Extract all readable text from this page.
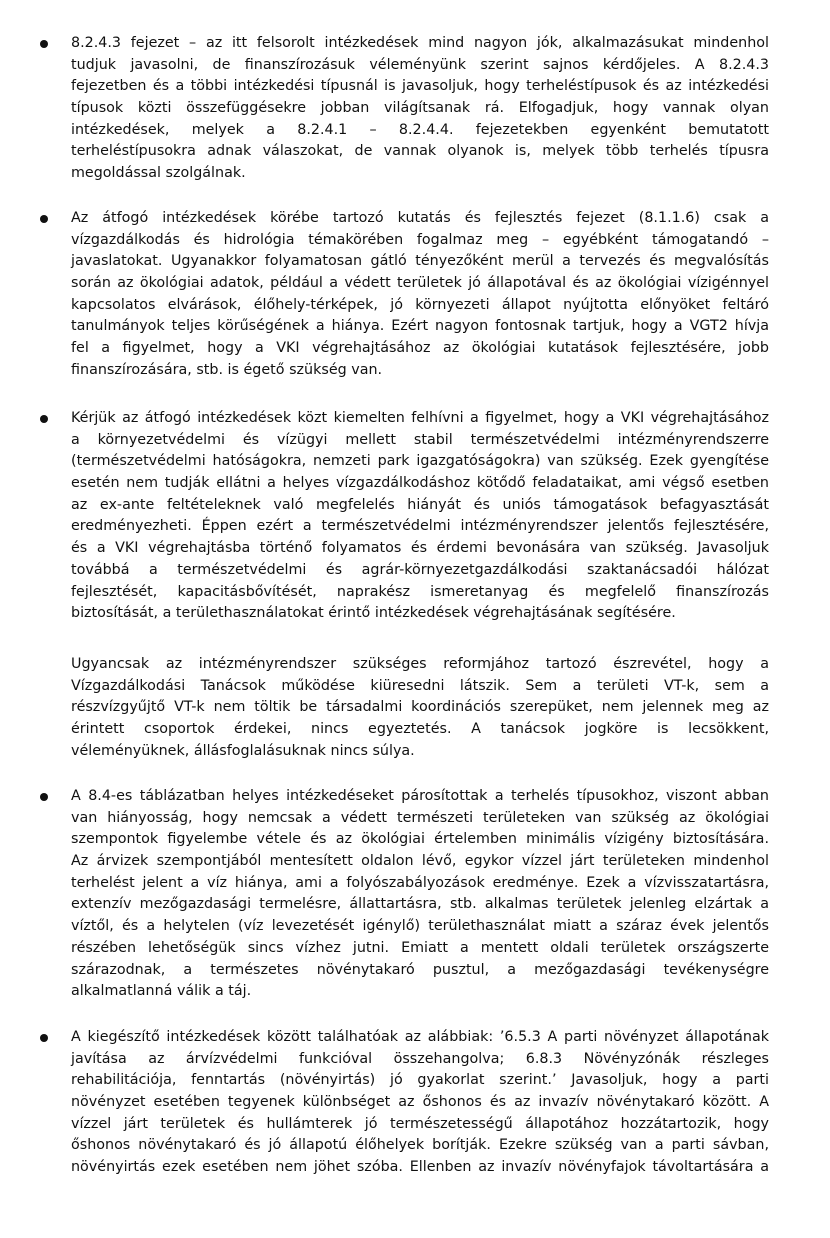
8.2.4.3 fejezet – az itt felsorolt intézkedések mind nagyon jók, alkalmazásukat mindenhol
tudjuk javasolni, de finanszírozásuk véleményünk szerint sajnos kérdőjeles. A 8.2.4.3
fejezetben és a többi intézkedési típusnál is javasoljuk, hogy terheléstípusok és az intézkedési
típusok közti összefüggésekre jobban világítsanak rá. Elfogadjuk, hogy vannak olyan
intézkedések, melyek a 8.2.4.1 – 8.2.4.4. fejezetekben egyenként bemutatott
terheléstípusokra adnak válaszokat, de vannak olyanok is, melyek több terhelés típusra
megoldással szolgálnak.
Az átfogó intézkedések körébe tartozó kutatás és fejlesztés fejezet (8.1.1.6) csak a
vízgazdálkodás és hidrológia témakörében fogalmaz meg – egyébként támogatandó –
javaslatokat. Ugyanakkor folyamatosan gátló tényezőként merül a tervezés és megvalósítás
során az ökológiai adatok, például a védett területek jó állapotával és az ökológiai vízigénnyel
kapcsolatos elvárások, élőhely-térképek, jó környezeti állapot nyújtotta előnyöket feltáró
tanulmányok teljes körűségének a hiánya. Ezért nagyon fontosnak tartjuk, hogy a VGT2 hívja
fel a figyelmet, hogy a VKI végrehajtásához az ökológiai kutatások fejlesztésére, jobb
finanszírozására, stb. is égető szükség van.
Kérjük az átfogó intézkedések közt kiemelten felhívni a figyelmet, hogy a VKI végrehajtásához
a környezetvédelmi és vízügyi mellett stabil természetvédelmi intézményrendszerre
(természetvédelmi hatóságokra, nemzeti park igazgatóságokra) van szükség. Ezek gyengítése
esetén nem tudják ellátni a helyes vízgazdálkodáshoz kötődő feladataikat, ami végső esetben
az ex-ante feltételeknek való megfelelés hiányát és uniós támogatások befagyasztását
eredményezheti. Éppen ezért a természetvédelmi intézményrendszer jelentős fejlesztésére,
és a VKI végrehajtásba történő folyamatos és érdemi bevonására van szükség. Javasoljuk
továbbá a természetvédelmi és agrár-környezetgazdálkodási szaktanácsadói hálózat
fejlesztését, kapacitásbővítését, naprakész ismeretanyag és megfelelő finanszírozás
biztosítását, a területhasználatokat érintő intézkedések végrehajtásának segítésére.
Ugyancsak az intézményrendszer szükséges reformjához tartozó észrevétel, hogy a
Vízgazdálkodási Tanácsok működése kiüresedni látszik. Sem a területi VT-k, sem a
részvízgyűjtő VT-k nem töltik be társadalmi koordinációs szerepüket, nem jelennek meg az
érintett csoportok érdekei, nincs egyeztetés. A tanácsok jogköre is lecsökkent,
véleményüknek, állásfoglalásuknak nincs súlya.
A 8.4-es táblázatban helyes intézkedéseket párosítottak a terhelés típusokhoz, viszont abban
van hiányosság, hogy nemcsak a védett természeti területeken van szükség az ökológiai
szempontok figyelembe vétele és az ökológiai értelemben minimális vízigény biztosítására.
Az árvizek szempontjából mentesített oldalon lévő, egykor vízzel járt területeken mindenhol
terhelést jelent a víz hiánya, ami a folyószabályozások eredménye. Ezek a vízvisszatartásra,
extenzív mezőgazdasági termelésre, állattartásra, stb. alkalmas területek jelenleg elzártak a
víztől, és a helytelen (víz levezetését igénylő) területhasználat miatt a száraz évek jelentős
részében lehetőségük sincs vízhez jutni. Emiatt a mentett oldali területek országszerte
szárazodnak, a természetes növénytakaró pusztul, a mezőgazdasági tevékenységre
alkalmatlanná válik a táj.
A kiegészítő intézkedések között találhatóak az alábbiak: ’6.5.3 A parti növényzet állapotának
javítása az árvízvédelmi funkcióval összehangolva; 6.8.3 Növényzónák részleges
rehabilitációja, fenntartás (növényirtás) jó gyakorlat szerint.’ Javasoljuk, hogy a parti
növényzet esetében tegyenek különbséget az őshonos és az invazív növénytakaró között. A
vízzel járt területek és hullámterek jó természetességű állapotához hozzátartozik, hogy
őshonos növénytakaró és jó állapotú élőhelyek borítják. Ezekre szükség van a parti sávban,
növényirtás ezek esetében nem jöhet szóba. Ellenben az invazív növényfajok távoltartására a
